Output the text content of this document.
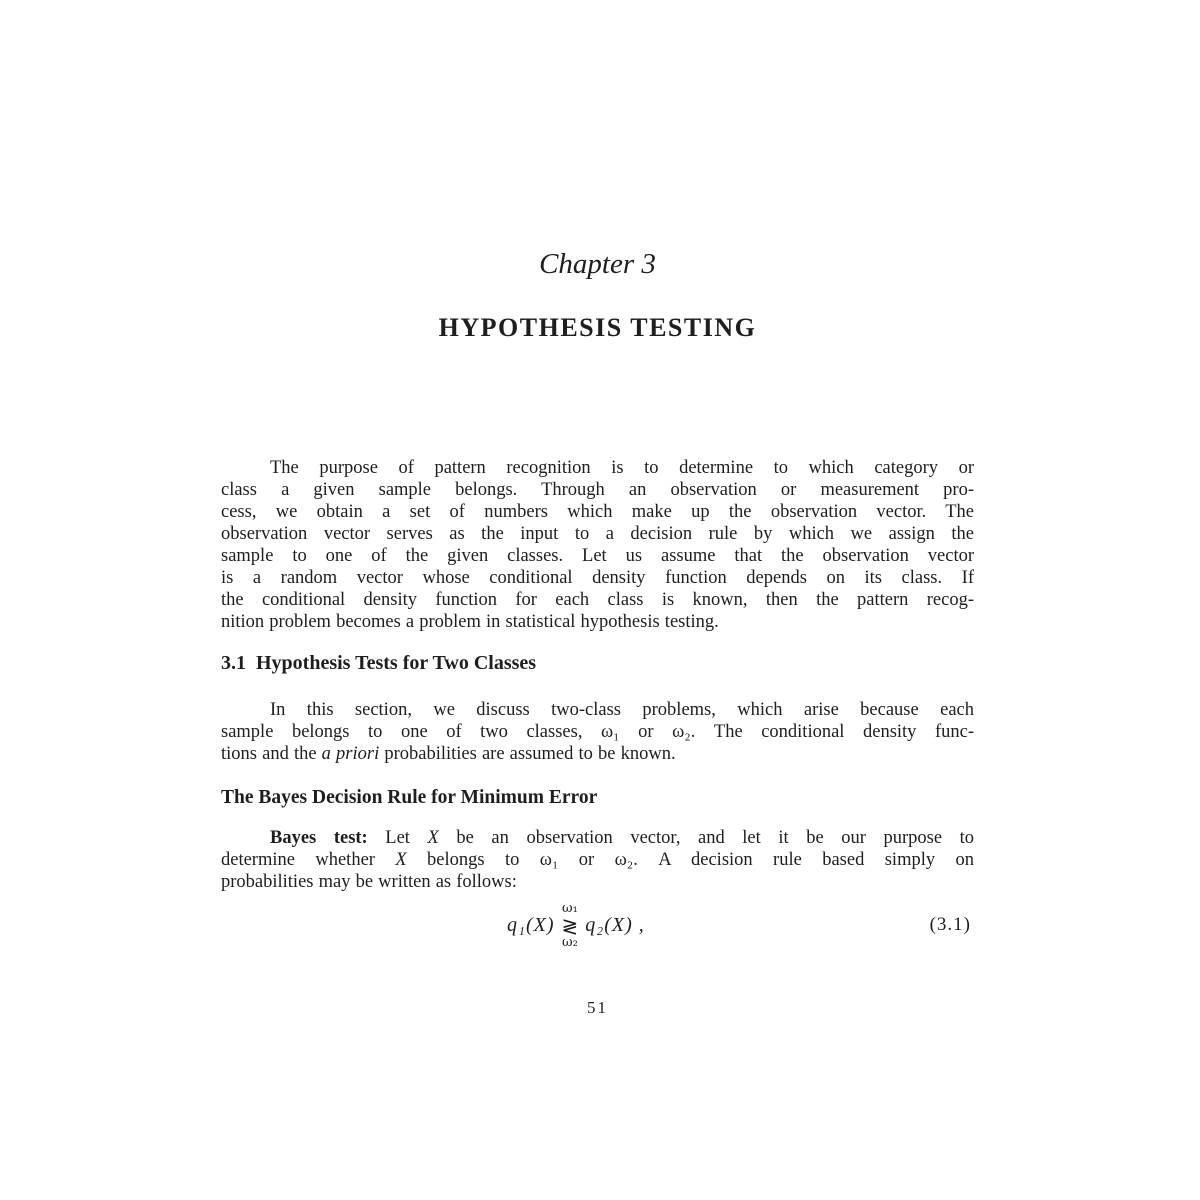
Chapter 3
HYPOTHESIS TESTING
The purpose of pattern recognition is to determine to which category or
class a given sample belongs. Through an observation or measurement pro-
cess, we obtain a set of numbers which make up the observation vector. The
observation vector serves as the input to a decision rule by which we assign the
sample to one of the given classes. Let us assume that the observation vector
is a random vector whose conditional density function depends on its class. If
the conditional density function for each class is known, then the pattern recog-
nition problem becomes a problem in statistical hypothesis testing.
3.1  Hypothesis Tests for Two Classes
In this section, we discuss two-class problems, which arise because each
sample belongs to one of two classes, ω₁ or ω₂. The conditional density func-
tions and the a priori probabilities are assumed to be known.
The Bayes Decision Rule for Minimum Error
Bayes test: Let X be an observation vector, and let it be our purpose to
determine whether X belongs to ω₁ or ω₂. A decision rule based simply on
probabilities may be written as follows:
q₁(X)
ω₁
≷
ω₂
q₂(X) ,	(3.1)
51
